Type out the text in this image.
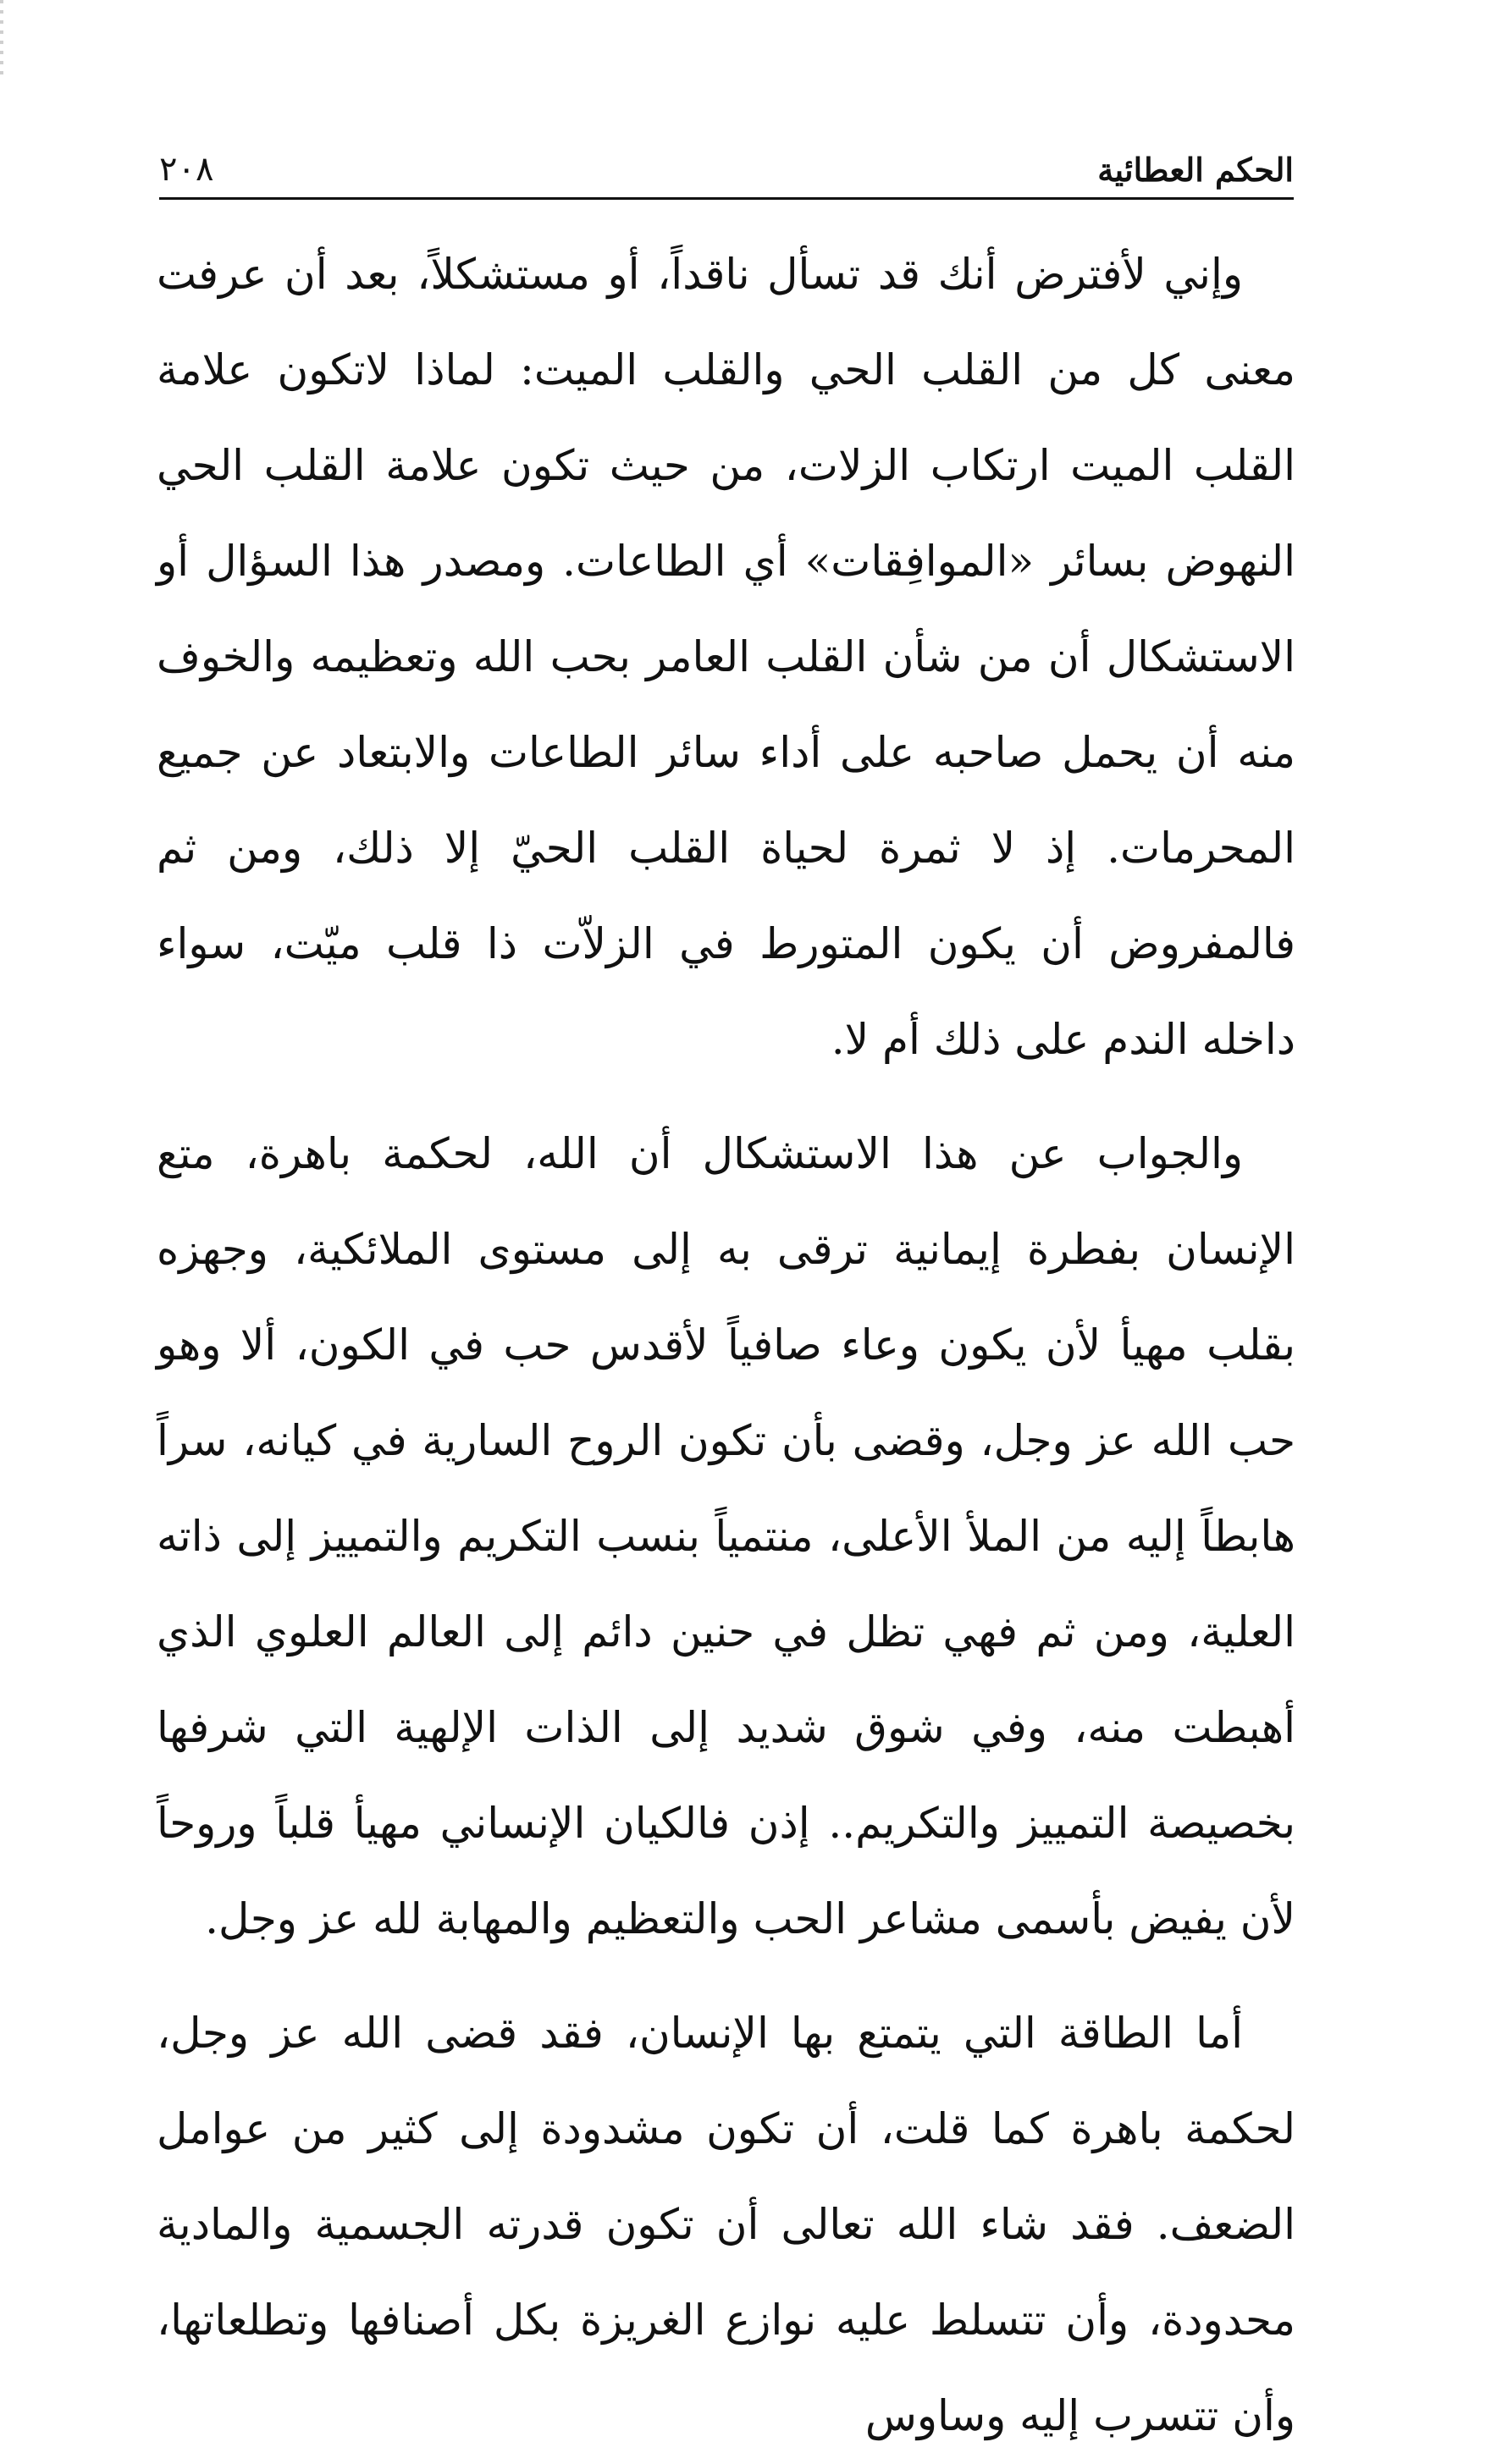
الحكم العطائية
٢٠٨

وإني لأفترض أنك قد تسأل ناقداً، أو مستشكلاً، بعد أن عرفت معنى كل من القلب الحي والقلب الميت: لماذا لاتكون علامة القلب الميت ارتكاب الزلات، من حيث تكون علامة القلب الحي النهوض بسائر «الموافِقات» أي الطاعات. ومصدر هذا السؤال أو الاستشكال أن من شأن القلب العامر بحب الله وتعظيمه والخوف منه أن يحمل صاحبه على أداء سائر الطاعات والابتعاد عن جميع المحرمات. إذ لا ثمرة لحياة القلب الحيّ إلا ذلك، ومن ثم فالمفروض أن يكون المتورط في الزلاّت ذا قلب ميّت، سواء داخله الندم على ذلك أم لا.

والجواب عن هذا الاستشكال أن الله، لحكمة باهرة، متع الإنسان بفطرة إيمانية ترقى به إلى مستوى الملائكية، وجهزه بقلب مهيأ لأن يكون وعاء صافياً لأقدس حب في الكون، ألا وهو حب الله عز وجل، وقضى بأن تكون الروح السارية في كيانه، سراً هابطاً إليه من الملأ الأعلى، منتمياً بنسب التكريم والتمييز إلى ذاته العلية، ومن ثم فهي تظل في حنين دائم إلى العالم العلوي الذي أهبطت منه، وفي شوق شديد إلى الذات الإلهية التي شرفها بخصيصة التمييز والتكريم.. إذن فالكيان الإنساني مهيأ قلباً وروحاً لأن يفيض بأسمى مشاعر الحب والتعظيم والمهابة لله عز وجل.

أما الطاقة التي يتمتع بها الإنسان، فقد قضى الله عز وجل، لحكمة باهرة كما قلت، أن تكون مشدودة إلى كثير من عوامل الضعف. فقد شاء الله تعالى أن تكون قدرته الجسمية والمادية محدودة، وأن تتسلط عليه نوازع الغريزة بكل أصنافها وتطلعاتها، وأن تتسرب إليه وساوس
